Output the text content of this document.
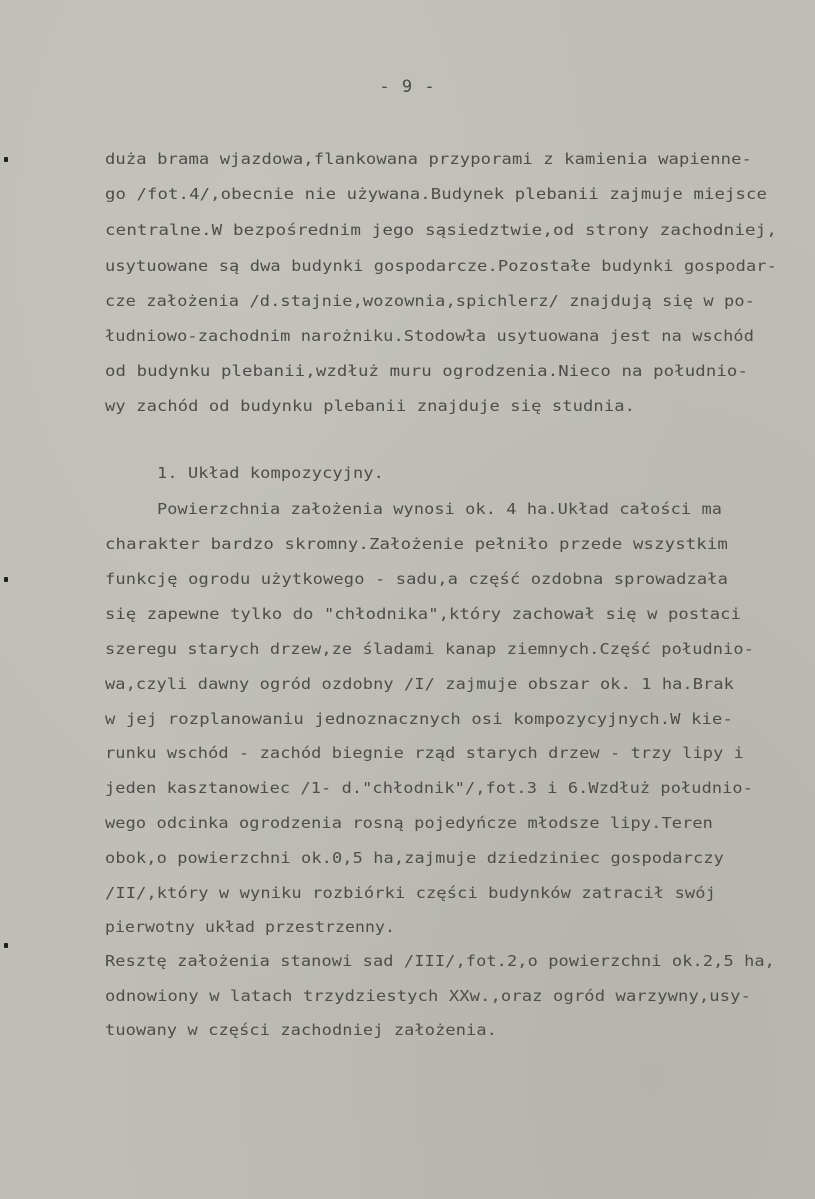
- 9 -
duża brama wjazdowa,flankowana przyporami z kamienia wapienne-
go /fot.4/,obecnie nie używana.Budynek plebanii zajmuje miejsce
centralne.W bezpośrednim jego sąsiedztwie,od strony zachodniej,
usytuowane są dwa budynki gospodarcze.Pozostałe budynki gospodar-
cze założenia /d.stajnie,wozownia,spichlerz/ znajdują się w po-
łudniowo-zachodnim narożniku.Stodowła usytuowana jest na wschód
od budynku plebanii,wzdłuż muru ogrodzenia.Nieco na południo-
wy zachód od budynku plebanii znajduje się studnia.
1. Układ kompozycyjny.
Powierzchnia założenia wynosi ok. 4 ha.Układ całości ma
charakter bardzo skromny.Założenie pełniło przede wszystkim
funkcję ogrodu użytkowego - sadu,a część ozdobna sprowadzała
się zapewne tylko do "chłodnika",który zachował się w postaci
szeregu starych drzew,ze śladami kanap ziemnych.Część południo-
wa,czyli dawny ogród ozdobny /I/ zajmuje obszar ok. 1 ha.Brak
w jej rozplanowaniu jednoznacznych osi kompozycyjnych.W kie-
runku wschód - zachód biegnie rząd starych drzew - trzy lipy i
jeden kasztanowiec /1- d."chłodnik"/,fot.3 i 6.Wzdłuż południo-
wego odcinka ogrodzenia rosną pojedyńcze młodsze lipy.Teren
obok,o powierzchni ok.0,5 ha,zajmuje dziedziniec gospodarczy
/II/,który w wyniku rozbiórki części budynków zatracił swój
pierwotny układ przestrzenny.
Resztę założenia stanowi sad /III/,fot.2,o powierzchni ok.2,5 ha,
odnowiony w latach trzydziestych XXw.,oraz ogród warzywny,usy-
tuowany w części zachodniej założenia.
